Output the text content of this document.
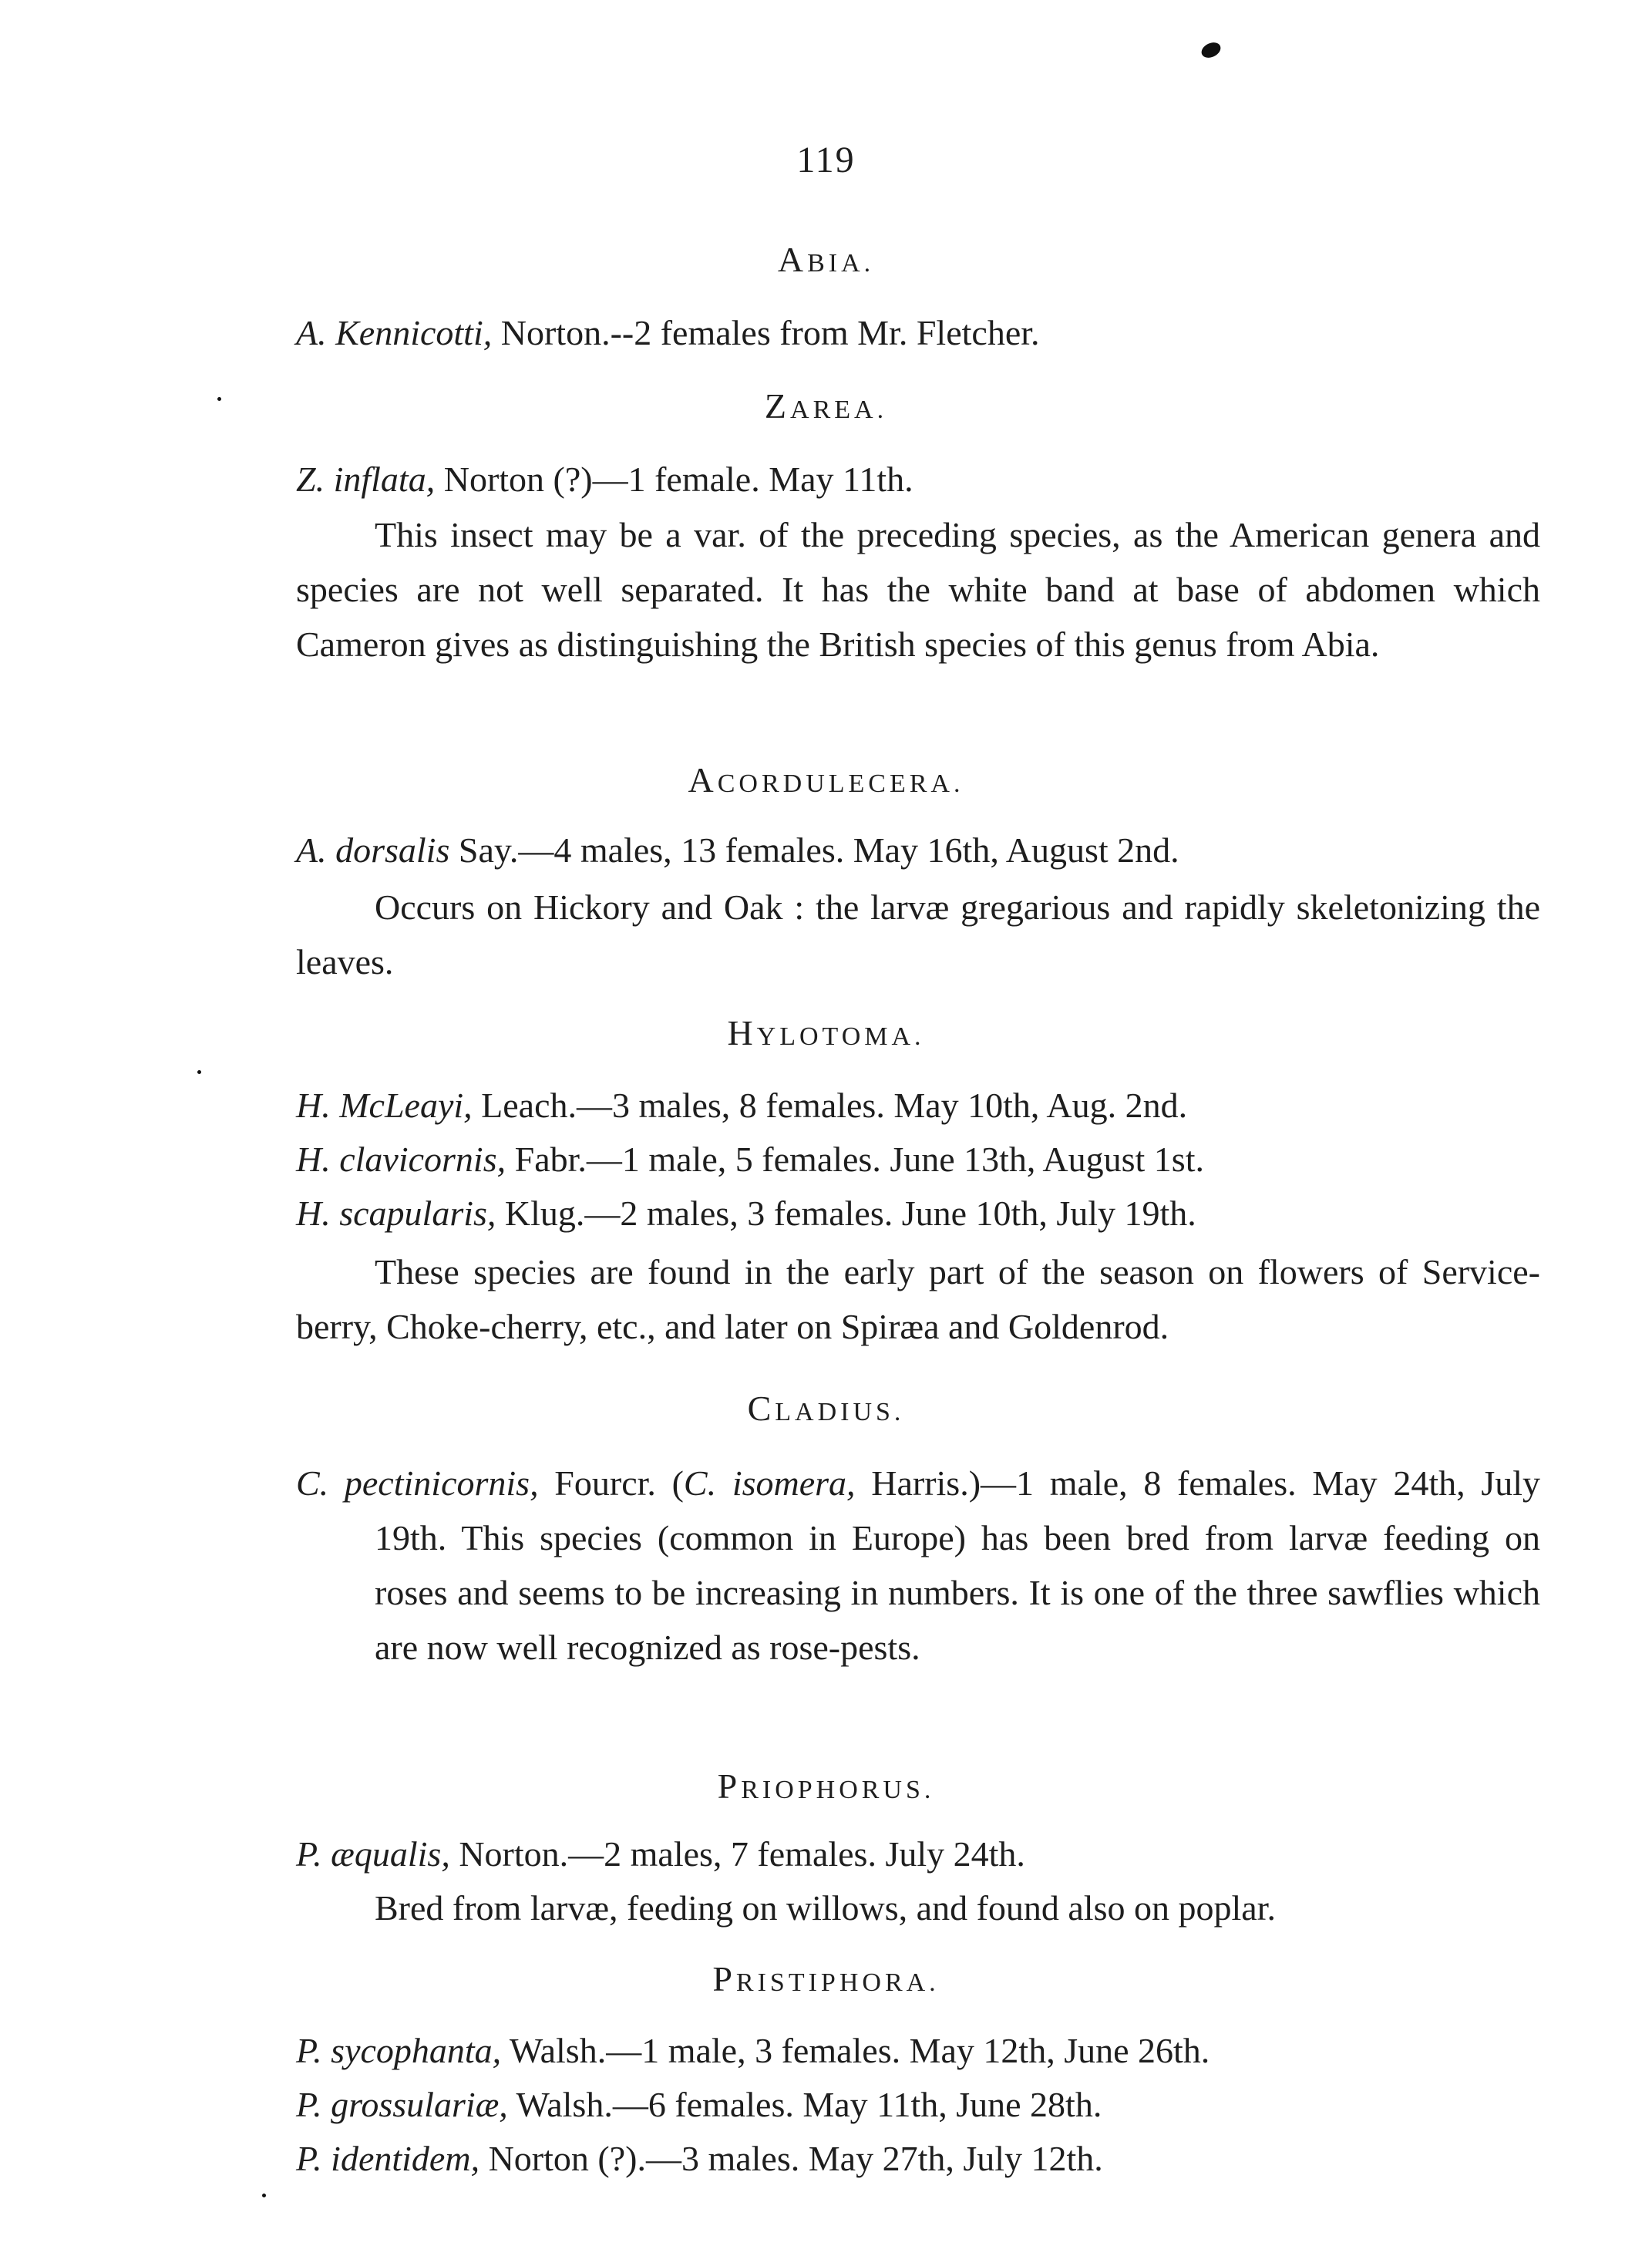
119
ABIA.
A. Kennicotti, Norton.--2 females from Mr. Fletcher.
ZAREA.
Z. inflata, Norton (?)—1 female. May 11th.
This insect may be a var. of the preceding species, as the American genera and species are not well separated. It has the white band at base of abdomen which Cameron gives as distinguishing the British species of this genus from Abia.
ACORDULECERA.
A. dorsalis Say.—4 males, 13 females. May 16th, August 2nd.
Occurs on Hickory and Oak : the larvæ gregarious and rapidly skeletonizing the leaves.
HYLOTOMA.
H. McLeayi, Leach.—3 males, 8 females. May 10th, Aug. 2nd.
H. clavicornis, Fabr.—1 male, 5 females. June 13th, August 1st.
H. scapularis, Klug.—2 males, 3 females. June 10th, July 19th.
These species are found in the early part of the season on flowers of Service-berry, Choke-cherry, etc., and later on Spiræa and Goldenrod.
CLADIUS.
C. pectinicornis, Fourcr. (C. isomera, Harris.)—1 male, 8 females. May 24th, July 19th. This species (common in Europe) has been bred from larvæ feeding on roses and seems to be increasing in numbers. It is one of the three sawflies which are now well recognized as rose-pests.
PRIOPHORUS.
P. æqualis, Norton.—2 males, 7 females. July 24th.
Bred from larvæ, feeding on willows, and found also on poplar.
PRISTIPHORA.
P. sycophanta, Walsh.—1 male, 3 females. May 12th, June 26th.
P. grossulariæ, Walsh.—6 females. May 11th, June 28th.
P. identidem, Norton (?).—3 males. May 27th, July 12th.
